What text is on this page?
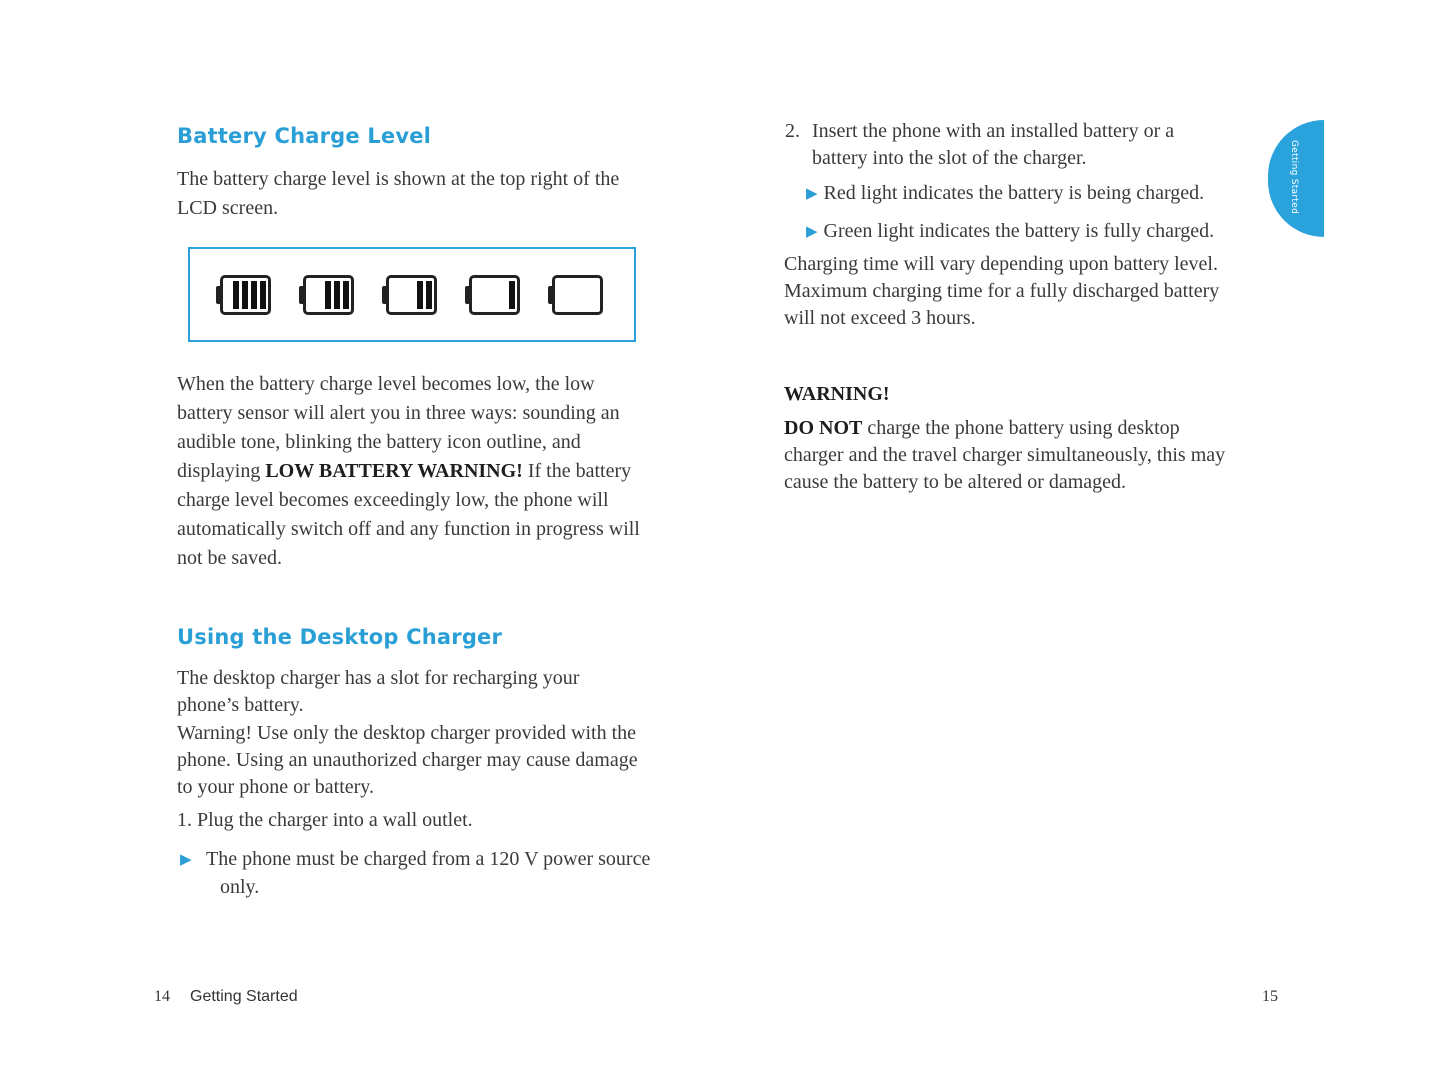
Battery Charge Level

The battery charge level is shown at the top right of the LCD screen.

When the battery charge level becomes low, the low battery sensor will alert you in three ways: sounding an audible tone, blinking the battery icon outline, and displaying LOW BATTERY WARNING! If the battery charge level becomes exceedingly low, the phone will automatically switch off and any function in progress will not be saved.

Using the Desktop Charger

The desktop charger has a slot for recharging your phone’s battery.

Warning! Use only the desktop charger provided with the phone. Using an unauthorized charger may cause damage to your phone or battery.

1. Plug the charger into a wall outlet.

▶ The phone must be charged from a 120 V power source only.

14 Getting Started

2. Insert the phone with an installed battery or a battery into the slot of the charger.

▶ Red light indicates the battery is being charged.
▶ Green light indicates the battery is fully charged.

Charging time will vary depending upon battery level. Maximum charging time for a fully discharged battery will not exceed 3 hours.

WARNING!

DO NOT charge the phone battery using desktop charger and the travel charger simultaneously, this may cause the battery to be altered or damaged.

Getting Started

15
